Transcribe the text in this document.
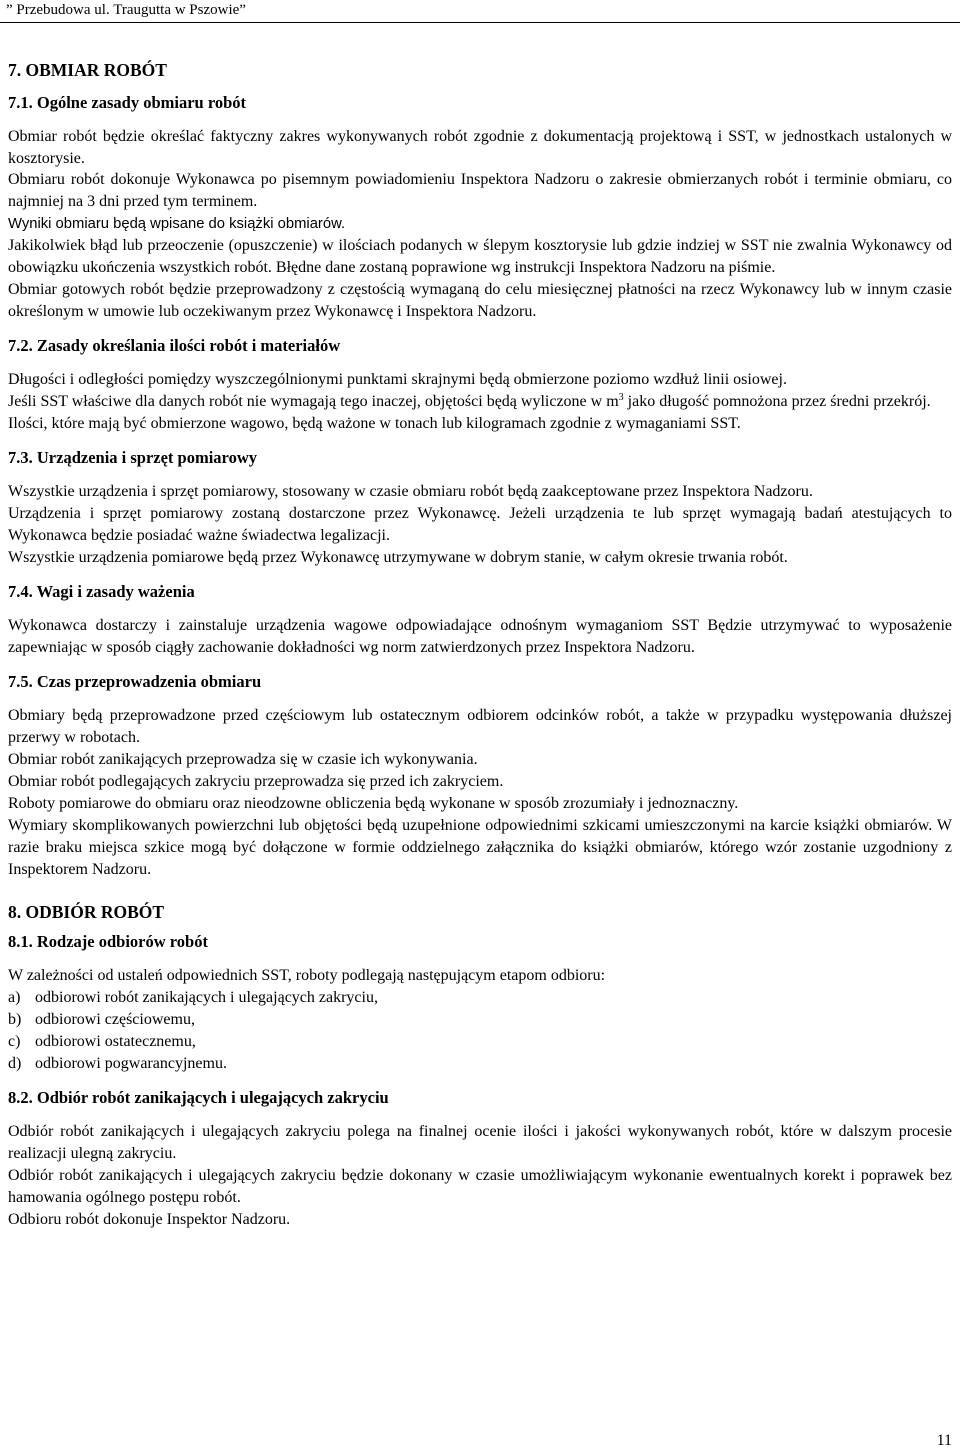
” Przebudowa ul. Traugutta w Pszowie”
7. OBMIAR ROBÓT
7.1. Ogólne zasady obmiaru robót

Obmiar robót będzie określać faktyczny zakres wykonywanych robót zgodnie z dokumentacją projektową i SST, w jednostkach ustalonych w kosztorysie.

Obmiaru robót dokonuje Wykonawca po pisemnym powiadomieniu Inspektora Nadzoru o zakresie obmierzanych robót i terminie obmiaru, co najmniej na 3 dni przed tym terminem.

Wyniki obmiaru będą wpisane do książki obmiarów.

Jakikolwiek błąd lub przeoczenie (opuszczenie) w ilościach podanych w ślepym kosztorysie lub gdzie indziej w SST nie zwalnia Wykonawcy od obowiązku ukończenia wszystkich robót. Błędne dane zostaną poprawione wg instrukcji Inspektora Nadzoru na piśmie.

Obmiar gotowych robót będzie przeprowadzony z częstością wymaganą do celu miesięcznej płatności na rzecz Wykonawcy lub w innym czasie określonym w umowie lub oczekiwanym przez Wykonawcę i Inspektora Nadzoru.

7.2. Zasady określania ilości robót i materiałów

Długości i odległości pomiędzy wyszczególnionymi punktami skrajnymi będą obmierzone poziomo wzdłuż linii osiowej.

Jeśli SST właściwe dla danych robót nie wymagają tego inaczej, objętości będą wyliczone w $m^3$ jako długość pomnożona przez średni przekrój.

Ilości, które mają być obmierzone wagowo, będą ważone w tonach lub kilogramach zgodnie z wymaganiami SST.

7.3. Urządzenia i sprzęt pomiarowy

Wszystkie urządzenia i sprzęt pomiarowy, stosowany w czasie obmiaru robót będą zaakceptowane przez Inspektora Nadzoru.

Urządzenia i sprzęt pomiarowy zostaną dostarczone przez Wykonawcę. Jeżeli urządzenia te lub sprzęt wymagają badań atestujących to Wykonawca będzie posiadać ważne świadectwa legalizacji.

Wszystkie urządzenia pomiarowe będą przez Wykonawcę utrzymywane w dobrym stanie, w całym okresie trwania robót.

7.4. Wagi i zasady ważenia

Wykonawca dostarczy i zainstaluje urządzenia wagowe odpowiadające odnośnym wymaganiom SST Będzie utrzymywać to wyposażenie zapewniając w sposób ciągły zachowanie dokładności wg norm zatwierdzonych przez Inspektora Nadzoru.

7.5. Czas przeprowadzenia obmiaru

Obmiary będą przeprowadzone przed częściowym lub ostatecznym odbiorem odcinków robót, a także w przypadku występowania dłuższej przerwy w robotach.

Obmiar robót zanikających przeprowadza się w czasie ich wykonywania.

Obmiar robót podlegających zakryciu przeprowadza się przed ich zakryciem.

Roboty pomiarowe do obmiaru oraz nieodzowne obliczenia będą wykonane w sposób zrozumiały i jednoznaczny.

Wymiary skomplikowanych powierzchni lub objętości będą uzupełnione odpowiednimi szkicami umieszczonymi na karcie książki obmiarów. W razie braku miejsca szkice mogą być dołączone w formie oddzielnego załącznika do książki obmiarów, którego wzór zostanie uzgodniony z Inspektorem Nadzoru.

8. ODBIÓR ROBÓT
8.1. Rodzaje odbiorów robót

W zależności od ustaleń odpowiednich SST, roboty podlegają następującym etapom odbioru:

a) odbiorowi robót zanikających i ulegających zakryciu,
b) odbiorowi częściowemu,
c) odbiorowi ostatecznemu,
d) odbiorowi pogwarancyjnemu.
8.2. Odbiór robót zanikających i ulegających zakryciu

Odbiór robót zanikających i ulegających zakryciu polega na finalnej ocenie ilości i jakości wykonywanych robót, które w dalszym procesie realizacji ulegną zakryciu.

Odbiór robót zanikających i ulegających zakryciu będzie dokonany w czasie umożliwiającym wykonanie ewentualnych korekt i poprawek bez hamowania ogólnego postępu robót.

Odbioru robót dokonuje Inspektor Nadzoru.

11
